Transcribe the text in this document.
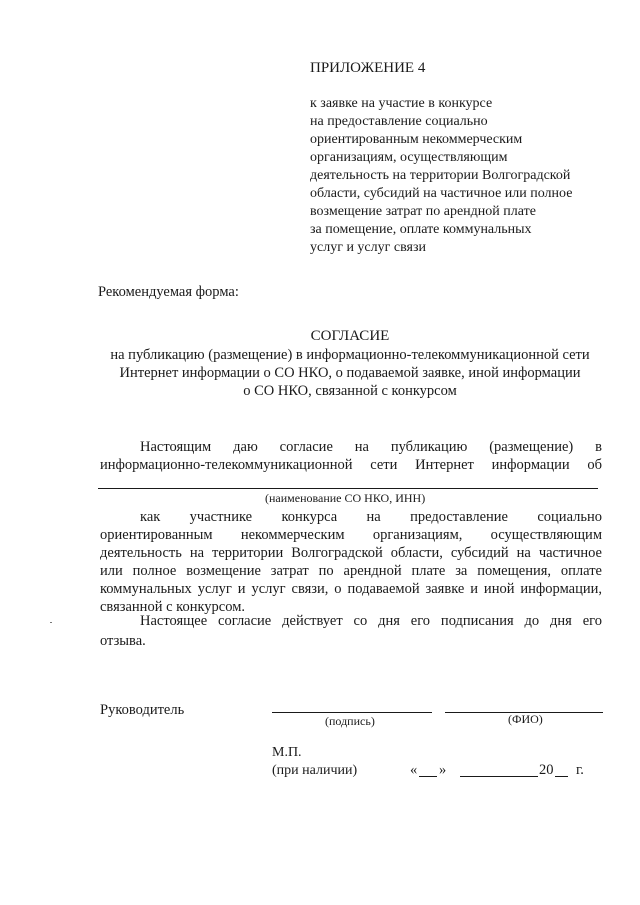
ПРИЛОЖЕНИЕ 4
к заявке на участие в конкурсе
на предоставление социально
ориентированным некоммерческим
организациям, осуществляющим
деятельность на территории Волгоградской
области, субсидий на частичное или полное
возмещение затрат по арендной плате
за помещение, оплате коммунальных
услуг и услуг связи
Рекомендуемая форма:
СОГЛАСИЕ
на публикацию (размещение) в информационно-телекоммуникационной сети
Интернет информации о СО НКО, о подаваемой заявке, иной информации
о СО НКО, связанной с конкурсом
Настоящим даю согласие на публикацию (размещение) в
информационно-телекоммуникационной сети Интернет информации об
(наименование СО НКО, ИНН)
как участнике конкурса на предоставление социально
ориентированным некоммерческим организациям, осуществляющим
деятельность на территории Волгоградской области, субсидий на частичное
или полное возмещение затрат по арендной плате за помещения, оплате
коммунальных услуг и услуг связи, о подаваемой заявке и иной информации,
связанной с конкурсом.
Настоящее согласие действует со дня его подписания до дня его
отзыва.
Руководитель
(подпись)	(ФИО)
М.П.
(при наличии)	« »	20 г.
